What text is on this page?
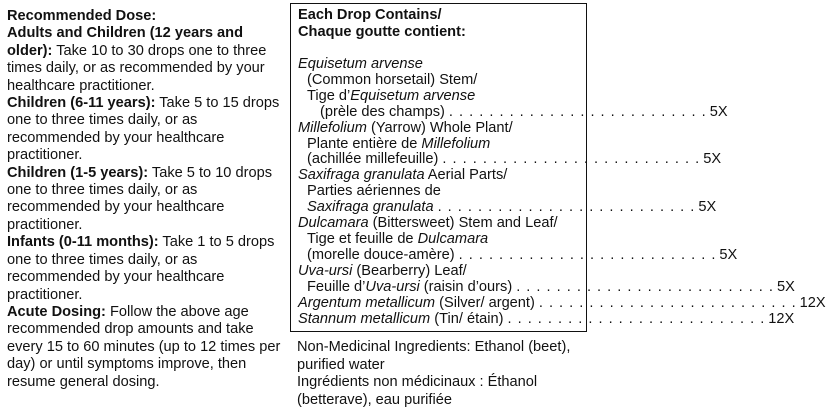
Recommended Dose:

Adults and Children (12 years and older): Take 10 to 30 drops one to three times daily, or as recommended by your healthcare practitioner.

Children (6-11 years): Take 5 to 15 drops one to three times daily, or as recommended by your healthcare practitioner.

Children (1-5 years): Take 5 to 10 drops one to three times daily, or as recommended by your healthcare practitioner.

Infants (0-11 months): Take 1 to 5 drops one to three times daily, or as recommended by your healthcare practitioner.

Acute Dosing: Follow the above age recommended drop amounts and take every 15 to 60 minutes (up to 12 times per day) or until symptoms improve, then resume general dosing.

Each Drop Contains/
Chaque goutte contient:

Equisetum arvense

(Common horsetail) Stem/

Tige d’Equisetum arvense

(prèle des champs) . . . . . . . . . . . . . . . . . . . . . . . . . . 5X

Millefolium (Yarrow) Whole Plant/

Plante entière de Millefolium

(achillée millefeuille) . . . . . . . . . . . . . . . . . . . . . . . . . . 5X

Saxifraga granulata Aerial Parts/

Parties aériennes de

Saxifraga granulata . . . . . . . . . . . . . . . . . . . . . . . . . . 5X

Dulcamara (Bittersweet) Stem and Leaf/

Tige et feuille de Dulcamara

(morelle douce-amère) . . . . . . . . . . . . . . . . . . . . . . . . . . 5X

Uva-ursi (Bearberry) Leaf/

Feuille d’Uva-ursi (raisin d’ours) . . . . . . . . . . . . . . . . . . . . . . . . . . 5X
Argentum metallicum (Silver/ argent) . . . . . . . . . . . . . . . . . . . . . . . . . . 12X
Stannum metallicum (Tin/ étain) . . . . . . . . . . . . . . . . . . . . . . . . . . 12X

Non-Medicinal Ingredients: Ethanol (beet), purified water

Ingrédients non médicinaux : Éthanol (betterave), eau purifiée
